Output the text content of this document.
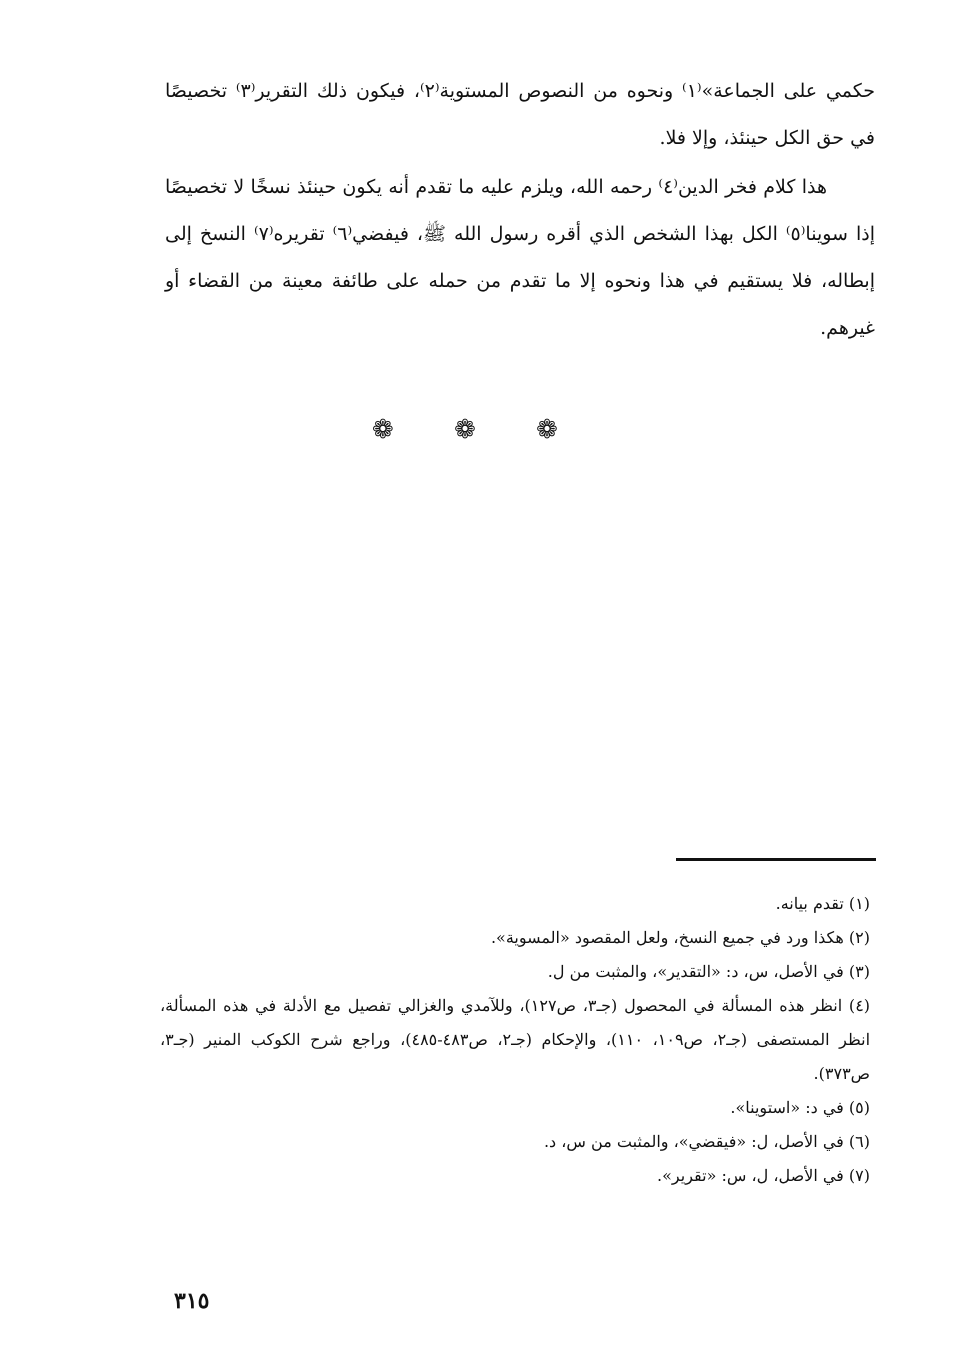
حكمي على الجماعة»⁽١⁾ ونحوه من النصوص المستوية⁽٢⁾، فيكون ذلك التقرير⁽٣⁾ تخصيصًا في حق الكل حينئذ، وإلا فلا.

هذا كلام فخر الدين⁽٤⁾ رحمه الله، ويلزم عليه ما تقدم أنه يكون حينئذ نسخًا لا تخصيصًا إذا سوينا⁽٥⁾ الكل بهذا الشخص الذي أقره رسول الله ﷺ، فيفضي⁽٦⁾ تقريره⁽٧⁾ النسخ إلى إبطاله، فلا يستقيم في هذا ونحوه إلا ما تقدم من حمله على طائفة معينة من القضاء أو غيرهم.

❁ ❁ ❁
(١) تقدم بيانه.
(٢) هكذا ورد في جميع النسخ، ولعل المقصود «المسوية».
(٣) في الأصل، س، د: «التقدير»، والمثبت من ل.
(٤) انظر هذه المسألة في المحصول (جـ٣، ص١٢٧)، وللآمدي والغزالي تفصيل مع الأدلة في هذه المسألة، انظر المستصفى (جـ٢، ص١٠٩، ١١٠)، والإحكام (جـ٢، ص٤٨٣-٤٨٥)، وراجع شرح الكوكب المنير (جـ٣، ص٣٧٣).
(٥) في د: «استوينا».
(٦) في الأصل، ل: «فيقضي»، والمثبت من س، د.
(٧) في الأصل، ل، س: «تقرير».
٣١٥
